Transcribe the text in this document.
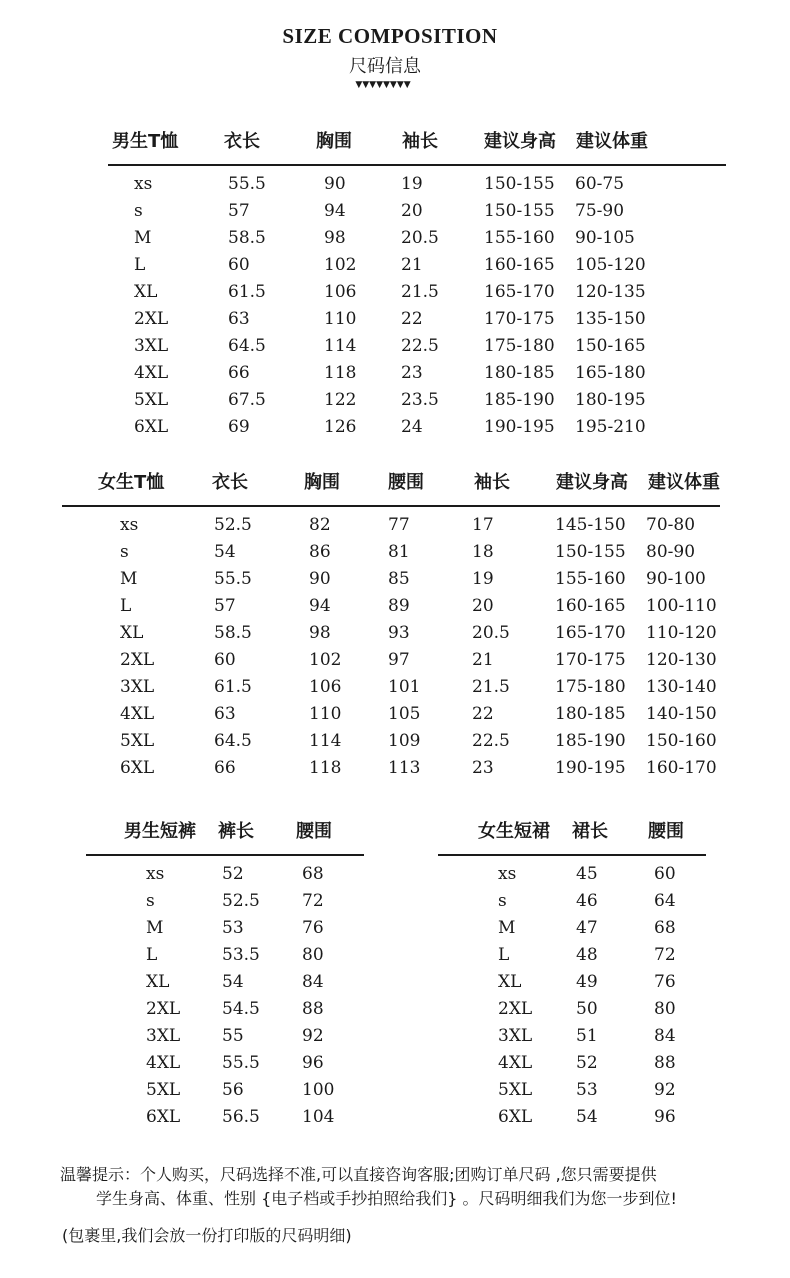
SIZE COMPOSITION
尺码信息
▼▼▼▼▼▼▼▼
男生T恤	衣长	胸围	袖长	建议身高 建议体重
xs	55.5	90	19	150-155 60-75
s	57	94	20	150-155 75-90
M	58.5	98	20.5	155-160 90-105
L	60	102	21	160-165 105-120
XL	61.5	106	21.5	165-170 120-135
2XL	63	110	22	170-175 135-150
3XL	64.5	114	22.5	175-180 150-165
4XL	66	118	23	180-185 165-180
5XL	67.5	122	23.5	185-190 180-195
6XL	69	126	24	190-195 195-210
女生T恤	衣长	胸围	腰围	袖长	建议身高 建议体重
xs	52.5	82	77	17	145-150 70-80
s	54	86	81	18	150-155 80-90
M	55.5	90	85	19	155-160 90-100
L	57	94	89	20	160-165 100-110
XL	58.5	98	93	20.5	165-170 110-120
2XL	60	102	97	21	170-175 120-130
3XL	61.5	106	101	21.5	175-180 130-140
4XL	63	110	105	22	180-185 140-150
5XL	64.5	114	109	22.5	185-190 150-160
6XL	66	118	113	23	190-195 160-170
男生短裤 裤长 腰围
xs	52	68
s	52.5 72
M	53	76
L	53.5 80
XL	54	84
2XL 54.5 88
3XL 55	92
4XL 55.5 96
5XL 56	100
6XL 56.5 104
女生短裙 裙长 腰围
xs	45	60
s	46	64
M	47	68
L	48	72
XL	49	76
2XL	50	80
3XL	51	84
4XL	52	88
5XL	53	92
6XL	54	96
温馨提示：个人购买，尺码选择不准,可以直接咨询客服;团购订单尺码 ,您只需要提供
学生身高、体重、性别 {电子档或手抄拍照给我们} 。尺码明细我们为您一步到位!
(包裹里,我们会放一份打印版的尺码明细)
